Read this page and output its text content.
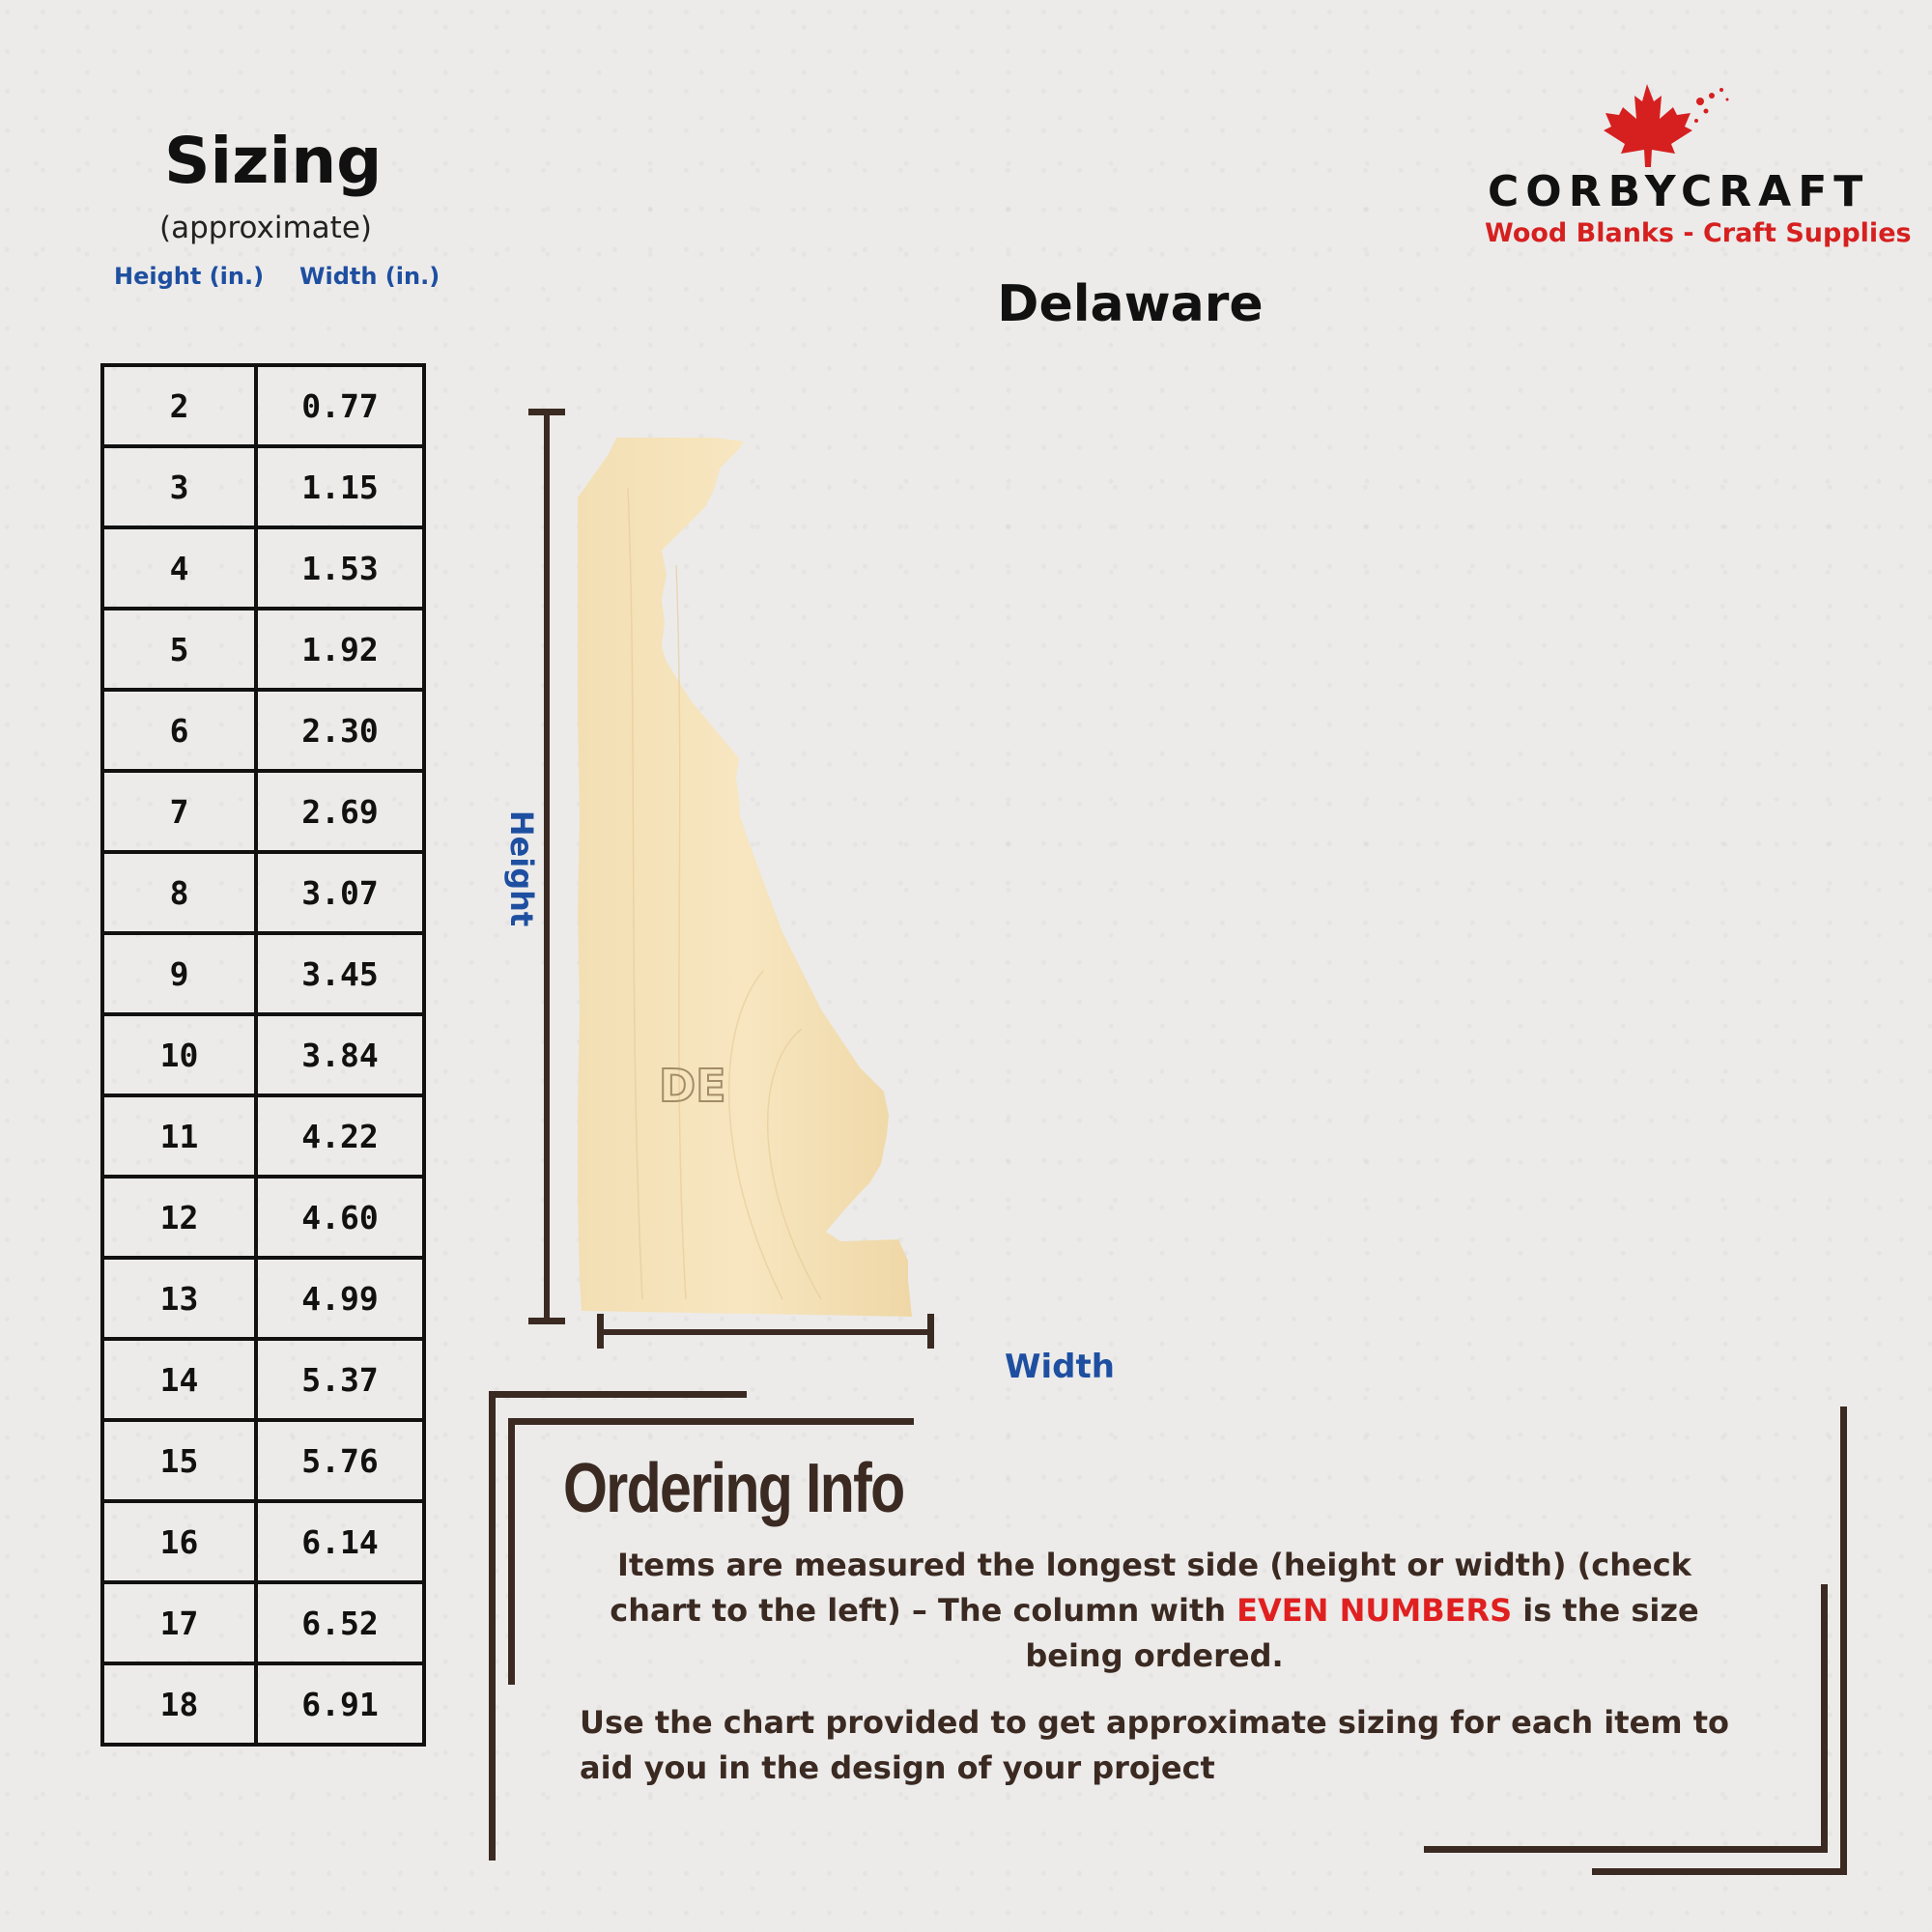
Sizing
(approximate)
Height (in.) Width (in.)
2	0.77
3	1.15
4	1.53
5	1.92
6	2.30
7	2.69
8	3.07
9	3.45
10	3.84
11	4.22
12	4.60
13	4.99
14	5.37
15	5.76
16	6.14
17	6.52
18	6.91
CORBYCRAFT
Wood Blanks - Craft Supplies
Delaware
Height
Width
DE
Ordering Info
Items are measured the longest side (height or width) (check chart to the left) – The column with EVEN NUMBERS is the size being ordered.
Use the chart provided to get approximate sizing for each item to aid you in the design of your project
